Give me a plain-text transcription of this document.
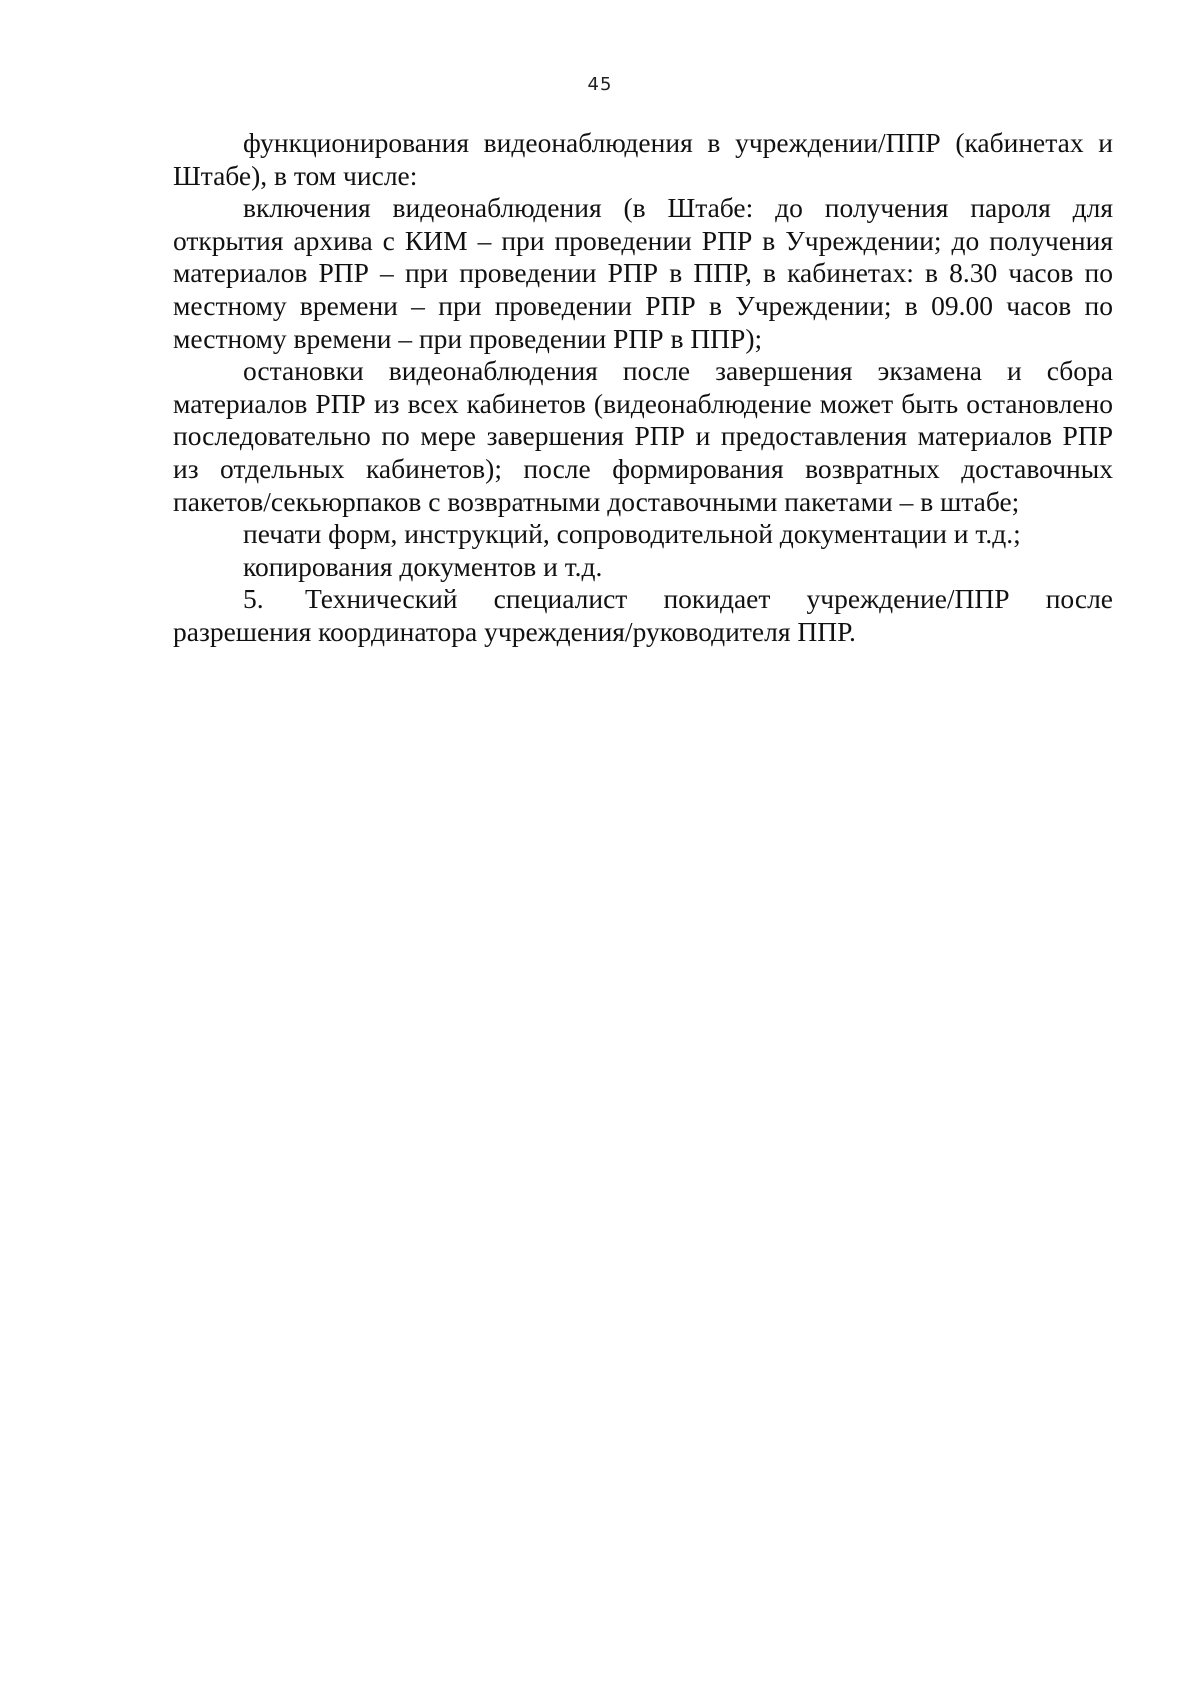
45

функционирования видеонаблюдения в учреждении/ППР (кабинетах и Штабе), в том числе:

включения видеонаблюдения (в Штабе: до получения пароля для открытия архива с КИМ – при проведении РПР в Учреждении; до получения материалов РПР – при проведении РПР в ППР, в кабинетах: в 8.30 часов по местному времени – при проведении РПР в Учреждении; в 09.00 часов по местному времени – при проведении РПР в ППР);

остановки видеонаблюдения после завершения экзамена и сбора материалов РПР из всех кабинетов (видеонаблюдение может быть остановлено последовательно по мере завершения РПР и предоставления материалов РПР из отдельных кабинетов); после формирования возвратных доставочных пакетов/секьюрпаков с возвратными доставочными пакетами – в штабе;

печати форм, инструкций, сопроводительной документации и т.д.;

копирования документов и т.д.

5.	Технический специалист покидает учреждение/ППР после

разрешения координатора учреждения/руководителя ППР.
